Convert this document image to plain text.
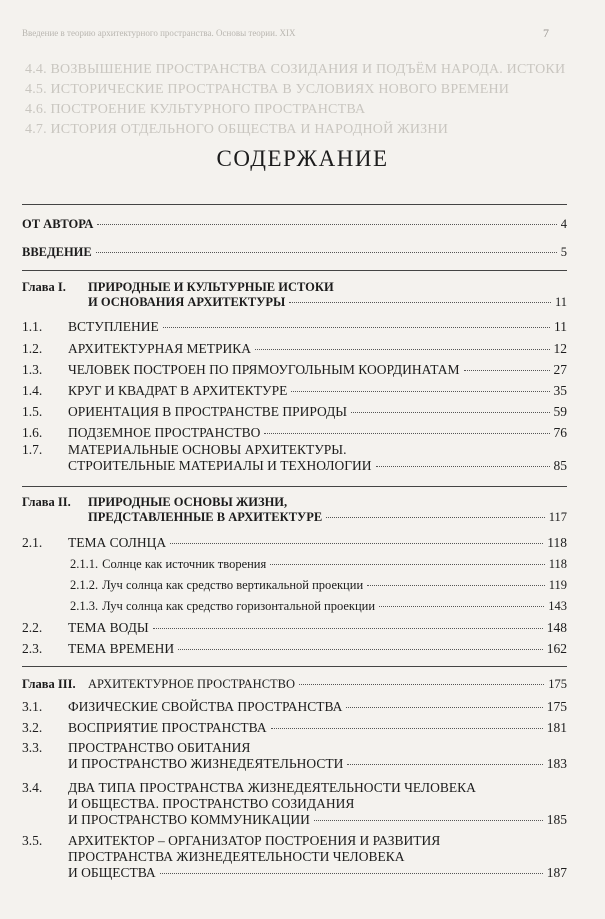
Введение в теорию архитектурного пространства. Основы теории. XIX	7
4.4. ВОЗВЫШЕНИЕ ПРОСТРАНСТВА СОЗИДАНИЯ И ПОДЪЁМ НАРОДА. ИСТОКИ
4.5. ИСТОРИЧЕСКИЕ ПРОСТРАНСТВА В УСЛОВИЯХ НОВОГО ВРЕМЕНИ
4.6. ПОСТРОЕНИЕ КУЛЬТУРНОГО ПРОСТРАНСТВА
4.7. ИСТОРИЯ ОТДЕЛЬНОГО ОБЩЕСТВА И НАРОДНОЙ ЖИЗНИ
СОДЕРЖАНИЕ
ОТ АВТОРА	4
ВВЕДЕНИЕ	5
Глава I. ПРИРОДНЫЕ И КУЛЬТУРНЫЕ ИСТОКИ
И ОСНОВАНИЯ АРХИТЕКТУРЫ	11
1.1.	ВСТУПЛЕНИЕ	11
1.2.	АРХИТЕКТУРНАЯ МЕТРИКА	12
1.3.	ЧЕЛОВЕК ПОСТРОЕН ПО ПРЯМОУГОЛЬНЫМ КООРДИНАТАМ	27
1.4.	КРУГ И КВАДРАТ В АРХИТЕКТУРЕ	35
1.5.	ОРИЕНТАЦИЯ В ПРОСТРАНСТВЕ ПРИРОДЫ	59
1.6.	ПОДЗЕМНОЕ ПРОСТРАНСТВО	76
1.7. МАТЕРИАЛЬНЫЕ ОСНОВЫ АРХИТЕКТУРЫ.
СТРОИТЕЛЬНЫЕ МАТЕРИАЛЫ И ТЕХНОЛОГИИ	85
Глава II. ПРИРОДНЫЕ ОСНОВЫ ЖИЗНИ,
ПРЕДСТАВЛЕННЫЕ В АРХИТЕКТУРЕ	117
2.1.	ТЕМА СОЛНЦА	118
2.1.1. Солнце как источник творения	118
2.1.2. Луч солнца как средство вертикальной проекции	119
2.1.3. Луч солнца как средство горизонтальной проекции	143
2.2.	ТЕМА ВОДЫ	148
2.3.	ТЕМА ВРЕМЕНИ	162
Глава III. АРХИТЕКТУРНОЕ ПРОСТРАНСТВО	175
3.1.	ФИЗИЧЕСКИЕ СВОЙСТВА ПРОСТРАНСТВА	175
3.2.	ВОСПРИЯТИЕ ПРОСТРАНСТВА	181
3.3. ПРОСТРАНСТВО ОБИТАНИЯ
И ПРОСТРАНСТВО ЖИЗНЕДЕЯТЕЛЬНОСТИ	183
3.4. ДВА ТИПА ПРОСТРАНСТВА ЖИЗНЕДЕЯТЕЛЬНОСТИ ЧЕЛОВЕКА
И ОБЩЕСТВА. ПРОСТРАНСТВО СОЗИДАНИЯ
И ПРОСТРАНСТВО КОММУНИКАЦИИ	185
3.5. АРХИТЕКТОР – ОРГАНИЗАТОР ПОСТРОЕНИЯ И РАЗВИТИЯ
ПРОСТРАНСТВА ЖИЗНЕДЕЯТЕЛЬНОСТИ ЧЕЛОВЕКА
И ОБЩЕСТВА	187
